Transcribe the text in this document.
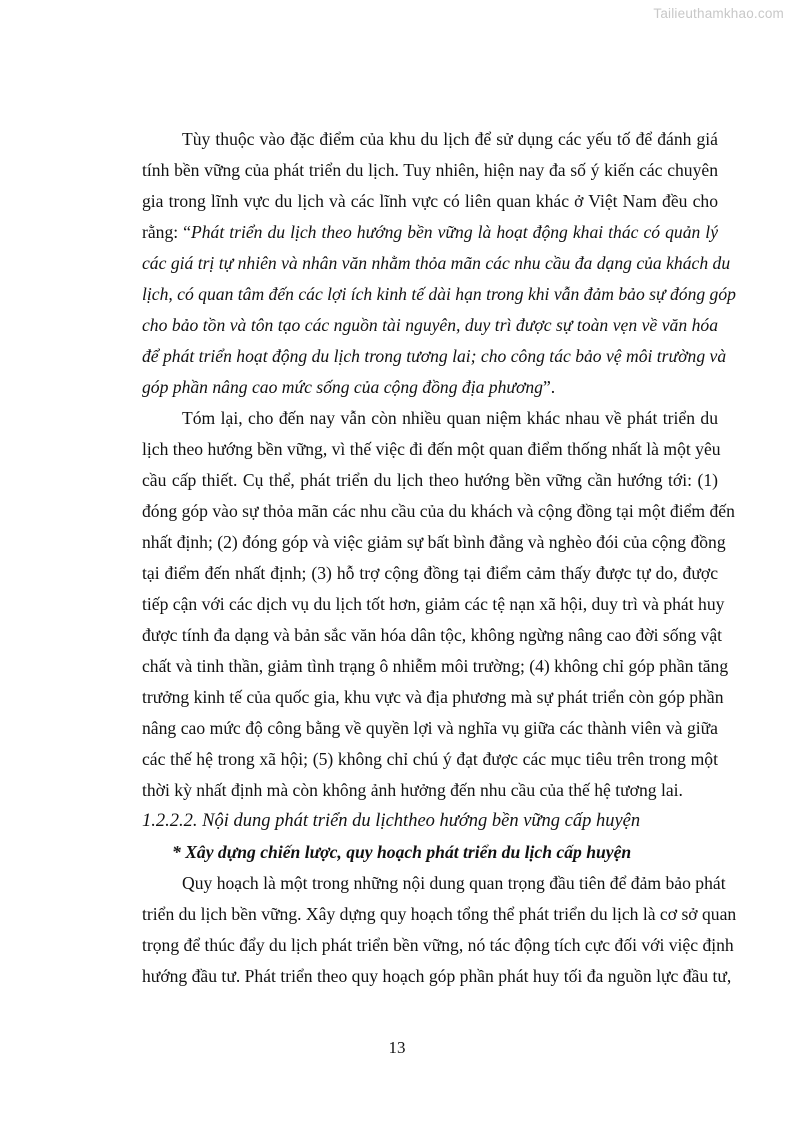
Tailieuthamkhao.com
Tùy thuộc vào đặc điểm của khu du lịch để sử dụng các yếu tố để đánh giá
tính bền vững của phát triển du lịch. Tuy nhiên, hiện nay đa số ý kiến các chuyên
gia trong lĩnh vực du lịch và các lĩnh vực có liên quan khác ở Việt Nam đều cho
rằng: “Phát triển du lịch theo hướng bền vững là hoạt động khai thác có quản lý
các giá trị tự nhiên và nhân văn nhằm thỏa mãn các nhu cầu đa dạng của khách du
lịch, có quan tâm đến các lợi ích kinh tế dài hạn trong khi vẫn đảm bảo sự đóng góp
cho bảo tồn và tôn tạo các nguồn tài nguyên, duy trì được sự toàn vẹn về văn hóa
để phát triển hoạt động du lịch trong tương lai; cho công tác bảo vệ môi trường và
góp phần nâng cao mức sống của cộng đồng địa phương”.
Tóm lại, cho đến nay vẫn còn nhiều quan niệm khác nhau về phát triển du
lịch theo hướng bền vững, vì thế việc đi đến một quan điểm thống nhất là một yêu
cầu cấp thiết. Cụ thể, phát triển du lịch theo hướng bền vững cần hướng tới: (1)
đóng góp vào sự thỏa mãn các nhu cầu của du khách và cộng đồng tại một điểm đến
nhất định; (2) đóng góp và việc giảm sự bất bình đẳng và nghèo đói của cộng đồng
tại điểm đến nhất định; (3) hỗ trợ cộng đồng tại điểm cảm thấy được tự do, được
tiếp cận với các dịch vụ du lịch tốt hơn, giảm các tệ nạn xã hội, duy trì và phát huy
được tính đa dạng và bản sắc văn hóa dân tộc, không ngừng nâng cao đời sống vật
chất và tinh thần, giảm tình trạng ô nhiễm môi trường; (4) không chỉ góp phần tăng
trưởng kinh tế của quốc gia, khu vực và địa phương mà sự phát triển còn góp phần
nâng cao mức độ công bằng về quyền lợi và nghĩa vụ giữa các thành viên và giữa
các thế hệ trong xã hội; (5) không chỉ chú ý đạt được các mục tiêu trên trong một
thời kỳ nhất định mà còn không ảnh hưởng đến nhu cầu của thế hệ tương lai.
1.2.2.2. Nội dung phát triển du lịchtheo hướng bền vững cấp huyện
* Xây dựng chiến lược, quy hoạch phát triển du lịch cấp huyện
Quy hoạch là một trong những nội dung quan trọng đầu tiên để đảm bảo phát
triển du lịch bền vững. Xây dựng quy hoạch tổng thể phát triển du lịch là cơ sở quan
trọng để thúc đẩy du lịch phát triển bền vững, nó tác động tích cực đối với việc định
hướng đầu tư. Phát triển theo quy hoạch góp phần phát huy tối đa nguồn lực đầu tư,
13
